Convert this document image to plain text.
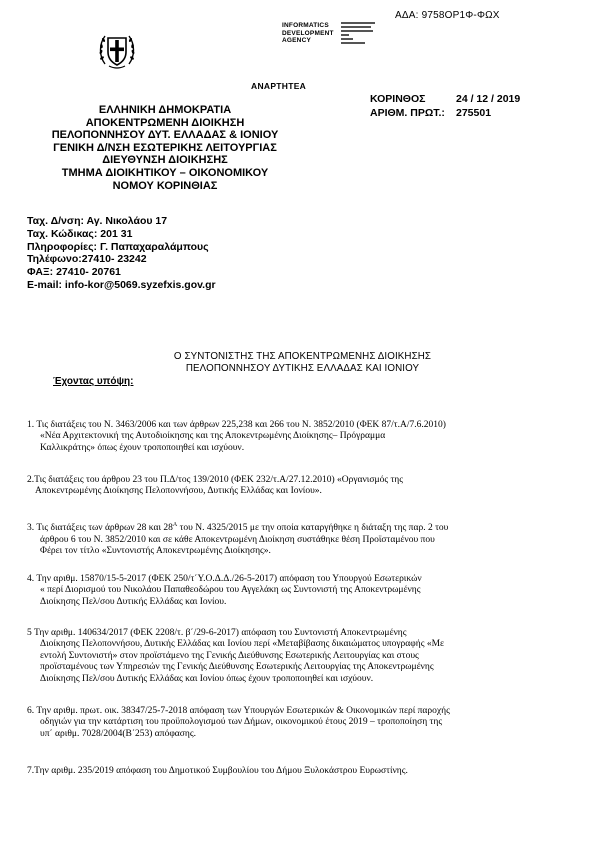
ΑΔΑ: 9758ΟΡ1Φ-ΦΩΧ
INFORMATICS
DEVELOPMENT
AGENCY
ΑΝΑΡΤΗΤΕΑ
ΚΟΡΙΝΘΟΣ	24 / 12 / 2019
ΑΡΙΘΜ. ΠΡΩΤ.: 275501
ΕΛΛΗΝΙΚΗ ΔΗΜΟΚΡΑΤΙΑ
ΑΠΟΚΕΝΤΡΩΜΕΝΗ ΔΙΟΙΚΗΣΗ
ΠΕΛΟΠΟΝΝΗΣΟΥ ΔΥΤ. ΕΛΛΑΔΑΣ & ΙΟΝΙΟΥ
ΓΕΝΙΚΗ Δ/ΝΣΗ ΕΣΩΤΕΡΙΚΗΣ ΛΕΙΤΟΥΡΓΙΑΣ
ΔΙΕΥΘΥΝΣΗ ΔΙΟΙΚΗΣΗΣ
ΤΜΗΜΑ ΔΙΟΙΚΗΤΙΚΟΥ – ΟΙΚΟΝΟΜΙΚΟΥ
ΝΟΜΟΥ ΚΟΡΙΝΘΙΑΣ
Ταχ. Δ/νση: Αγ. Νικολάου 17
Ταχ. Κώδικας: 201 31
Πληροφορίες: Γ. Παπαχαραλάμπους
Τηλέφωνο:27410- 23242
ΦΑΞ: 27410- 20761
E-mail: info-kor@5069.syzefxis.gov.gr
Ο ΣΥΝΤΟΝΙΣΤΗΣ ΤΗΣ ΑΠΟΚΕΝΤΡΩΜΕΝΗΣ ΔΙΟΙΚΗΣΗΣ
ΠΕΛΟΠΟΝΝΗΣΟΥ ΔΥΤΙΚΗΣ ΕΛΛΑΔΑΣ ΚΑΙ ΙΟΝΙΟΥ
Έχοντας υπόψη:
1. Τις διατάξεις του Ν. 3463/2006 και των άρθρων 225,238 και 266 του Ν. 3852/2010 (ΦΕΚ 87/τ.Α/7.6.2010)
«Νέα Αρχιτεκτονική της Αυτοδιοίκησης και της Αποκεντρωμένης Διοίκησης– Πρόγραμμα
Καλλικράτης» όπως έχουν τροποποιηθεί και ισχύουν.
2.Τις διατάξεις του άρθρου 23 του Π.Δ/τος 139/2010 (ΦΕΚ 232/τ.Α/27.12.2010) «Οργανισμός της
Αποκεντρωμένης Διοίκησης Πελοποννήσου, Δυτικής Ελλάδας και Ιονίου».
3. Τις διατάξεις των άρθρων 28 και $28^A$ του Ν. 4325/2015 με την οποία καταργήθηκε η διάταξη της παρ. 2 του
άρθρου 6 του Ν. 3852/2010 και σε κάθε Αποκεντρωμένη Διοίκηση συστάθηκε θέση Προϊσταμένου που
Φέρει τον τίτλο «Συντονιστής Αποκεντρωμένης Διοίκησης».
4. Την αριθμ. 15870/15-5-2017 (ΦΕΚ 250/τ΄Υ.Ο.Δ.Δ./26-5-2017) απόφαση του Υπουργού Εσωτερικών
« περί Διορισμού του Νικολάου Παπαθεοδώρου του Αγγελάκη ως Συντονιστή της Αποκεντρωμένης
Διοίκησης Πελ/σου Δυτικής Ελλάδας και Ιονίου.
5 Την αριθμ. 140634/2017 (ΦΕΚ 2208/τ. β΄/29-6-2017) απόφαση του Συντονιστή Αποκεντρωμένης
Διοίκησης Πελοποννήσου, Δυτικής Ελλάδας και Ιονίου περί «Μεταβίβασης δικαιώματος υπογραφής «Με
εντολή Συντονιστή» στον προϊστάμενο της Γενικής Διεύθυνσης Εσωτερικής Λειτουργίας και στους
προϊσταμένους των Υπηρεσιών της Γενικής Διεύθυνσης Εσωτερικής Λειτουργίας της Αποκεντρωμένης
Διοίκησης Πελ/σου Δυτικής Ελλάδας και Ιονίου όπως έχουν τροποποιηθεί και ισχύουν.
6. Την αριθμ. πρωτ. οικ. 38347/25-7-2018 απόφαση των Υπουργών Εσωτερικών & Οικονομικών περί παροχής
οδηγιών για την κατάρτιση του προϋπολογισμού των Δήμων, οικονομικού έτους 2019 – τροποποίηση της
υπ΄ αριθμ. 7028/2004(Β΄253) απόφασης.
7.Την αριθμ. 235/2019 απόφαση του Δημοτικού Συμβουλίου του Δήμου Ξυλοκάστρου Ευρωστίνης.
